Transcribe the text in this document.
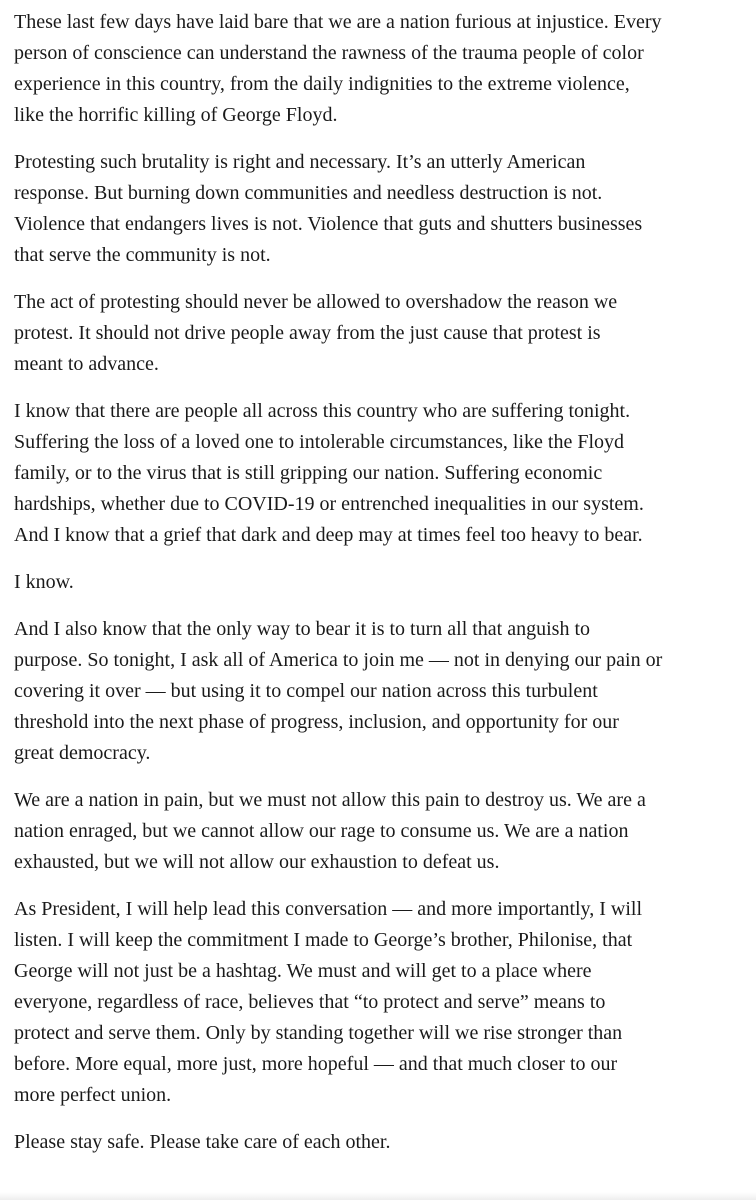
These last few days have laid bare that we are a nation furious at injustice. Every
person of conscience can understand the rawness of the trauma people of color
experience in this country, from the daily indignities to the extreme violence,
like the horrific killing of George Floyd.

Protesting such brutality is right and necessary. It’s an utterly American
response. But burning down communities and needless destruction is not.
Violence that endangers lives is not. Violence that guts and shutters businesses
that serve the community is not.

The act of protesting should never be allowed to overshadow the reason we
protest. It should not drive people away from the just cause that protest is
meant to advance.

I know that there are people all across this country who are suffering tonight.
Suffering the loss of a loved one to intolerable circumstances, like the Floyd
family, or to the virus that is still gripping our nation. Suffering economic
hardships, whether due to COVID-19 or entrenched inequalities in our system.
And I know that a grief that dark and deep may at times feel too heavy to bear.

I know.

And I also know that the only way to bear it is to turn all that anguish to
purpose. So tonight, I ask all of America to join me — not in denying our pain or
covering it over — but using it to compel our nation across this turbulent
threshold into the next phase of progress, inclusion, and opportunity for our
great democracy.

We are a nation in pain, but we must not allow this pain to destroy us. We are a
nation enraged, but we cannot allow our rage to consume us. We are a nation
exhausted, but we will not allow our exhaustion to defeat us.

As President, I will help lead this conversation — and more importantly, I will
listen. I will keep the commitment I made to George’s brother, Philonise, that
George will not just be a hashtag. We must and will get to a place where
everyone, regardless of race, believes that “to protect and serve” means to
protect and serve them. Only by standing together will we rise stronger than
before. More equal, more just, more hopeful — and that much closer to our
more perfect union.

Please stay safe. Please take care of each other.
